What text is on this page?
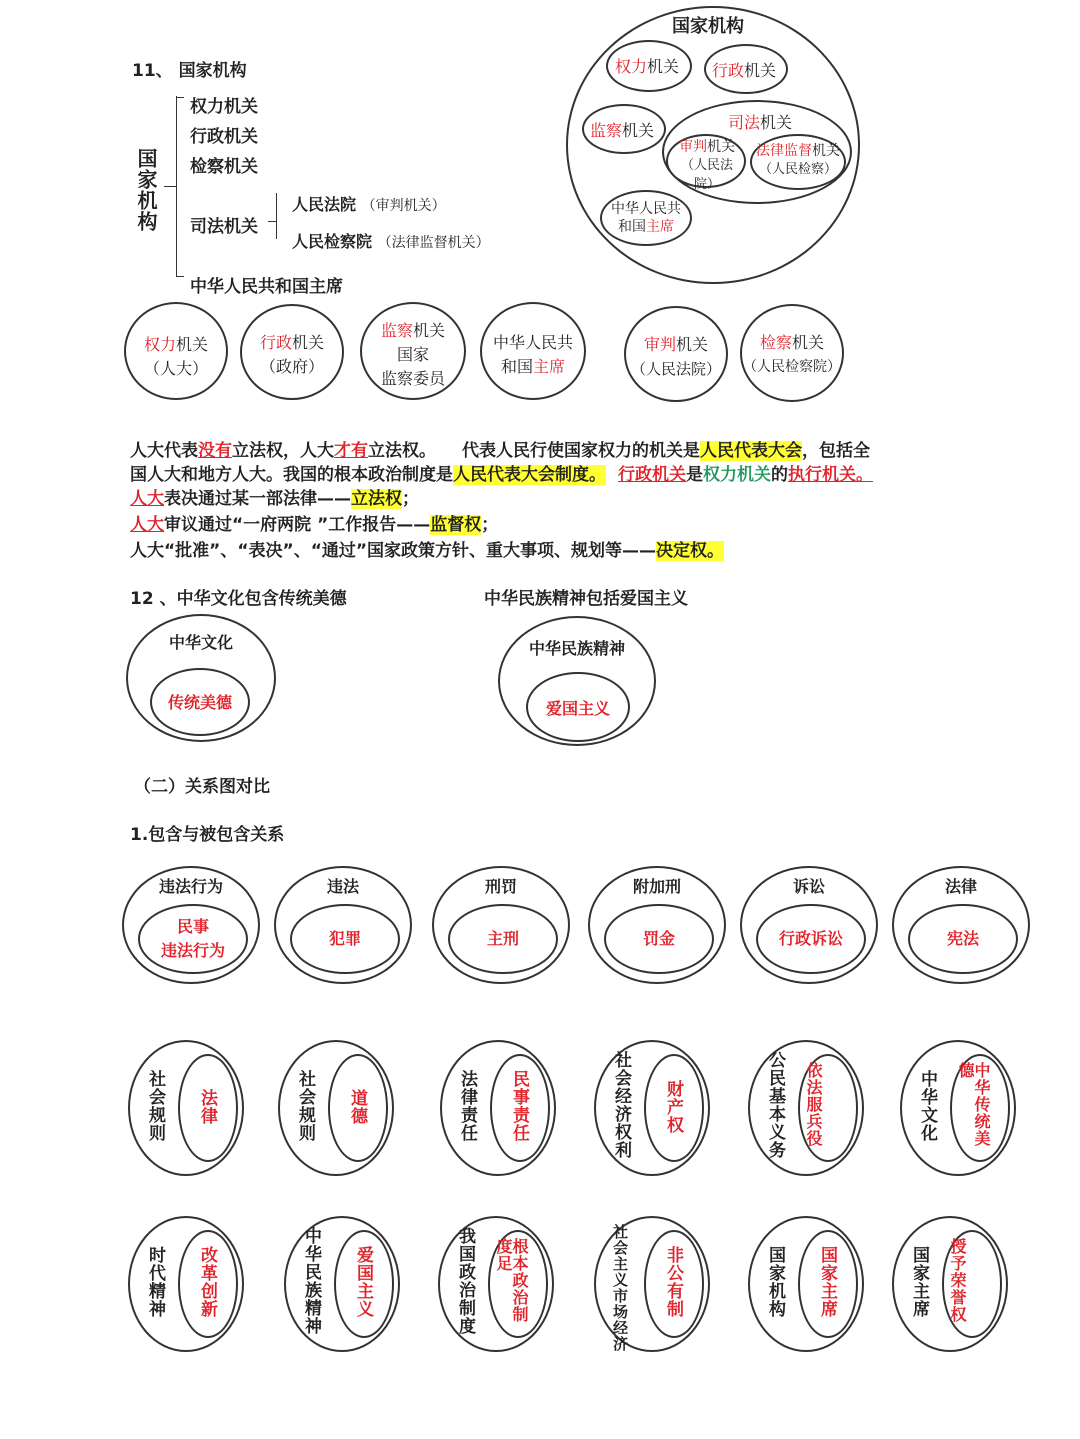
11、 国家机构
国家机构
权力机关
行政机关
检察机关
司法机关
中华人民共和国主席
人民法院 （审判机关）
人民检察院 （法律监督机关）
国家机构
权力机关 行政机关
监察机关	司法机关
审判机关
（人民法院）
法律监督机关
（人民检察）
中华人民共
和国主席
权力机关
（人大）
行政机关
（政府）
监察机关
国家
监察委员
中华人民共
和国主席
审判机关
（人民法院）
检察机关
（人民检察院）
人大代表没有立法权，人大才有立法权。 代表人民行使国家权力的机关是人民代表大会，包括全
国人大和地方人大。我国的根本政治制度是人民代表大会制度。 行政机关是权力机关的执行机关。
人大表决通过某一部法律——立法权；
人大审议通过“一府两院 ”工作报告——监督权；
人大“批准”、“表决”、“通过”国家政策方针、重大事项、规划等——决定权。
12 、中华文化包含传统美德	中华民族精神包括爱国主义
中华文化
传统美德
中华民族精神
爱国主义
（二）关系图对比
1.包含与被包含关系
违法行为
民事
违法行为
违法
犯罪
刑罚
主刑
附加刑
罚金
诉讼
行政诉讼
法律
宪法
社会规则 法律	社会规则 道德	法律责任 民事责任	社会经济权利 财产权	公民基本义务 依法服兵役	中华文化	中华传统美德
时代精神 改革创新	中华民族精神 爱国主义	我国政治制度	根本政治制度足	社会主义市场经济 非公有制	国家机构 国家主席	国家主席 授予荣誉权
